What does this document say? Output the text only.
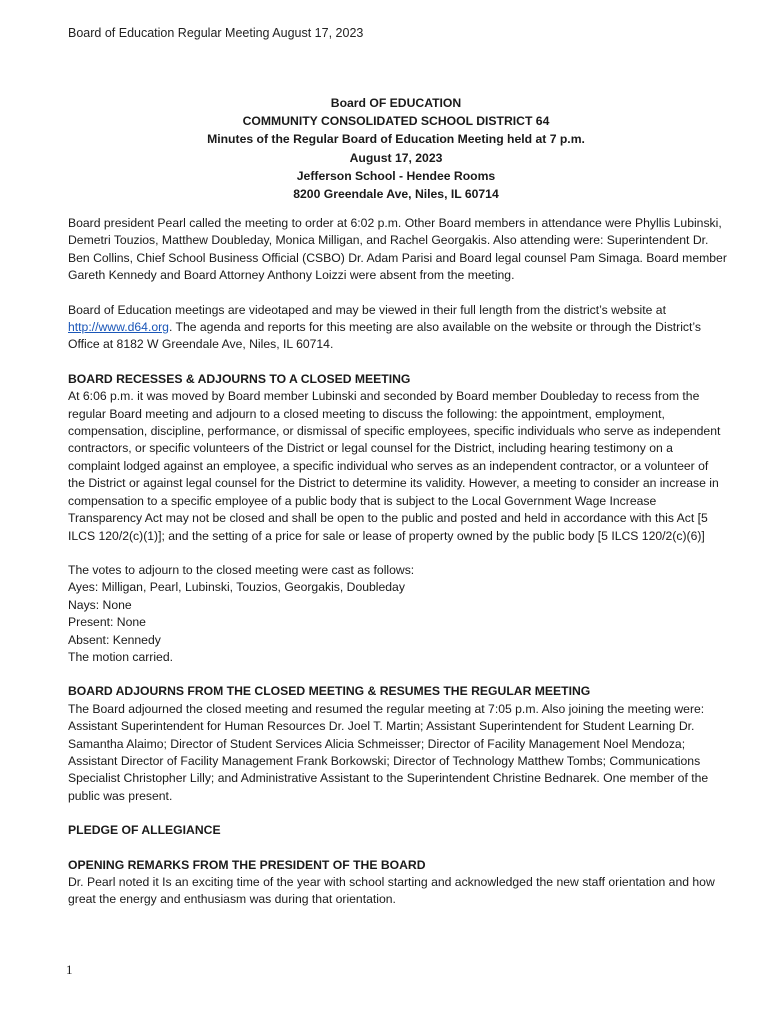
Board of Education Regular Meeting August 17, 2023
Board OF EDUCATION
COMMUNITY CONSOLIDATED SCHOOL DISTRICT 64
Minutes of the Regular Board of Education Meeting held at 7 p.m.
August 17, 2023
Jefferson School - Hendee Rooms
8200 Greendale Ave, Niles, IL 60714

Board president Pearl called the meeting to order at 6:02 p.m. Other Board members in attendance were Phyllis Lubinski, Demetri Touzios, Matthew Doubleday, Monica Milligan, and Rachel Georgakis. Also attending were: Superintendent Dr. Ben Collins, Chief School Business Official (CSBO) Dr. Adam Parisi and Board legal counsel Pam Simaga. Board member Gareth Kennedy and Board Attorney Anthony Loizzi were absent from the meeting.

Board of Education meetings are videotaped and may be viewed in their full length from the district’s website at http://www.d64.org. The agenda and reports for this meeting are also available on the website or through the District’s Office at 8182 W Greendale Ave, Niles, IL 60714.

BOARD RECESSES & ADJOURNS TO A CLOSED MEETING
At 6:06 p.m. it was moved by Board member Lubinski and seconded by Board member Doubleday to recess from the regular Board meeting and adjourn to a closed meeting to discuss the following: the appointment, employment, compensation, discipline, performance, or dismissal of specific employees, specific individuals who serve as independent contractors, or specific volunteers of the District or legal counsel for the District, including hearing testimony on a complaint lodged against an employee, a specific individual who serves as an independent contractor, or a volunteer of the District or against legal counsel for the District to determine its validity. However, a meeting to consider an increase in compensation to a specific employee of a public body that is subject to the Local Government Wage Increase Transparency Act may not be closed and shall be open to the public and posted and held in accordance with this Act [5 ILCS 120/2(c)(1)]; and the setting of a price for sale or lease of property owned by the public body [5 ILCS 120/2(c)(6)]

The votes to adjourn to the closed meeting were cast as follows:
Ayes: Milligan, Pearl, Lubinski, Touzios, Georgakis, Doubleday
Nays: None
Present: None
Absent: Kennedy
The motion carried.

BOARD ADJOURNS FROM THE CLOSED MEETING & RESUMES THE REGULAR MEETING
The Board adjourned the closed meeting and resumed the regular meeting at 7:05 p.m. Also joining the meeting were: Assistant Superintendent for Human Resources Dr. Joel T. Martin; Assistant Superintendent for Student Learning Dr. Samantha Alaimo; Director of Student Services Alicia Schmeisser; Director of Facility Management Noel Mendoza; Assistant Director of Facility Management Frank Borkowski; Director of Technology Matthew Tombs; Communications Specialist Christopher Lilly; and Administrative Assistant to the Superintendent Christine Bednarek. One member of the public was present.

PLEDGE OF ALLEGIANCE

OPENING REMARKS FROM THE PRESIDENT OF THE BOARD
Dr. Pearl noted it Is an exciting time of the year with school starting and acknowledged the new staff orientation and how great the energy and enthusiasm was during that orientation.

1
